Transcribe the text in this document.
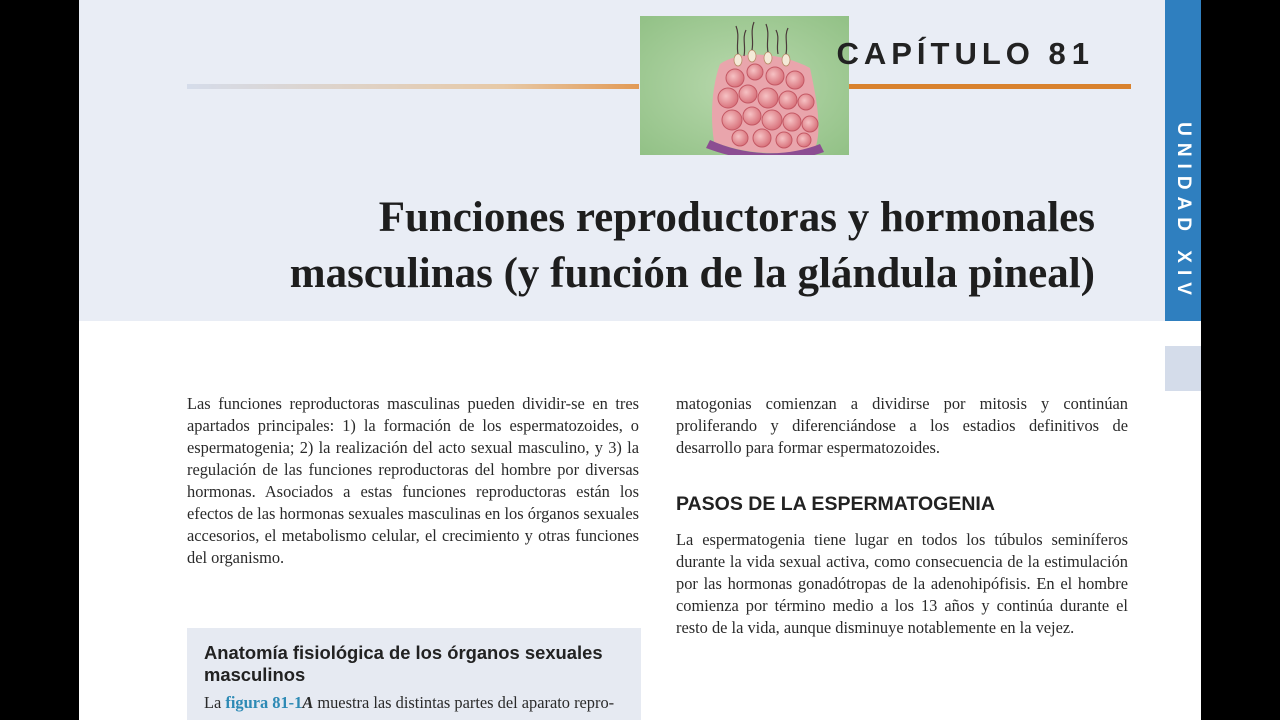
CAPÍTULO 81
Funciones reproductoras y hormonales
masculinas (y función de la glándula pineal)	UNIDAD XIV
Las funciones reproductoras masculinas pueden dividir-se en tres apartados principales: 1) la formación de los espermatozoides, o espermatogenia; 2) la realización del acto sexual masculino, y 3) la regulación de las funciones reproductoras del hombre por diversas hormonas. Asociados a estas funciones reproductoras están los efectos de las hormonas sexuales masculinas en los órganos sexuales accesorios, el metabolismo celular, el crecimiento y otras funciones del organismo.
matogonias comienzan a dividirse por mitosis y continúan proliferando y diferenciándose a los estadios definitivos de desarrollo para formar espermatozoides.
PASOS DE LA ESPERMATOGENIA
La espermatogenia tiene lugar en todos los túbulos seminíferos durante la vida sexual activa, como consecuencia de la estimulación por las hormonas gonadótropas de la adenohipófisis. En el hombre comienza por término medio a los 13 años y continúa durante el resto de la vida, aunque disminuye notablemente en la vejez.
Anatomía fisiológica de los órganos sexuales masculinos
La figura 81-1A muestra las distintas partes del aparato repro-
